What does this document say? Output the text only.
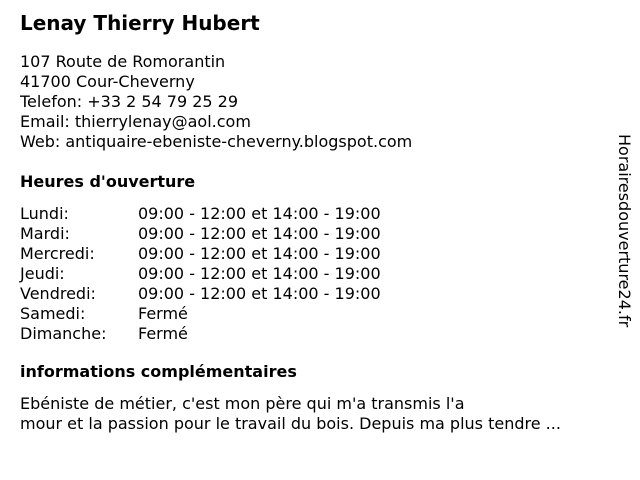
Lenay Thierry Hubert
107 Route de Romorantin
41700 Cour-Cheverny
Telefon: +33 2 54 79 25 29
Email: thierrylenay@aol.com
Web: antiquaire-ebeniste-cheverny.blogspot.com
Heures d'ouverture
Lundi:	09:00 - 12:00 et 14:00 - 19:00
Mardi:	09:00 - 12:00 et 14:00 - 19:00
Mercredi:	09:00 - 12:00 et 14:00 - 19:00
Jeudi:	09:00 - 12:00 et 14:00 - 19:00
Vendredi:	09:00 - 12:00 et 14:00 - 19:00
Samedi:	Fermé
Dimanche:	Fermé
informations complémentaires

Ebéniste de métier, c'est mon père qui m'a transmis l'a
mour et la passion pour le travail du bois. Depuis ma plus tendre ...

Horairesdouverture24.fr
